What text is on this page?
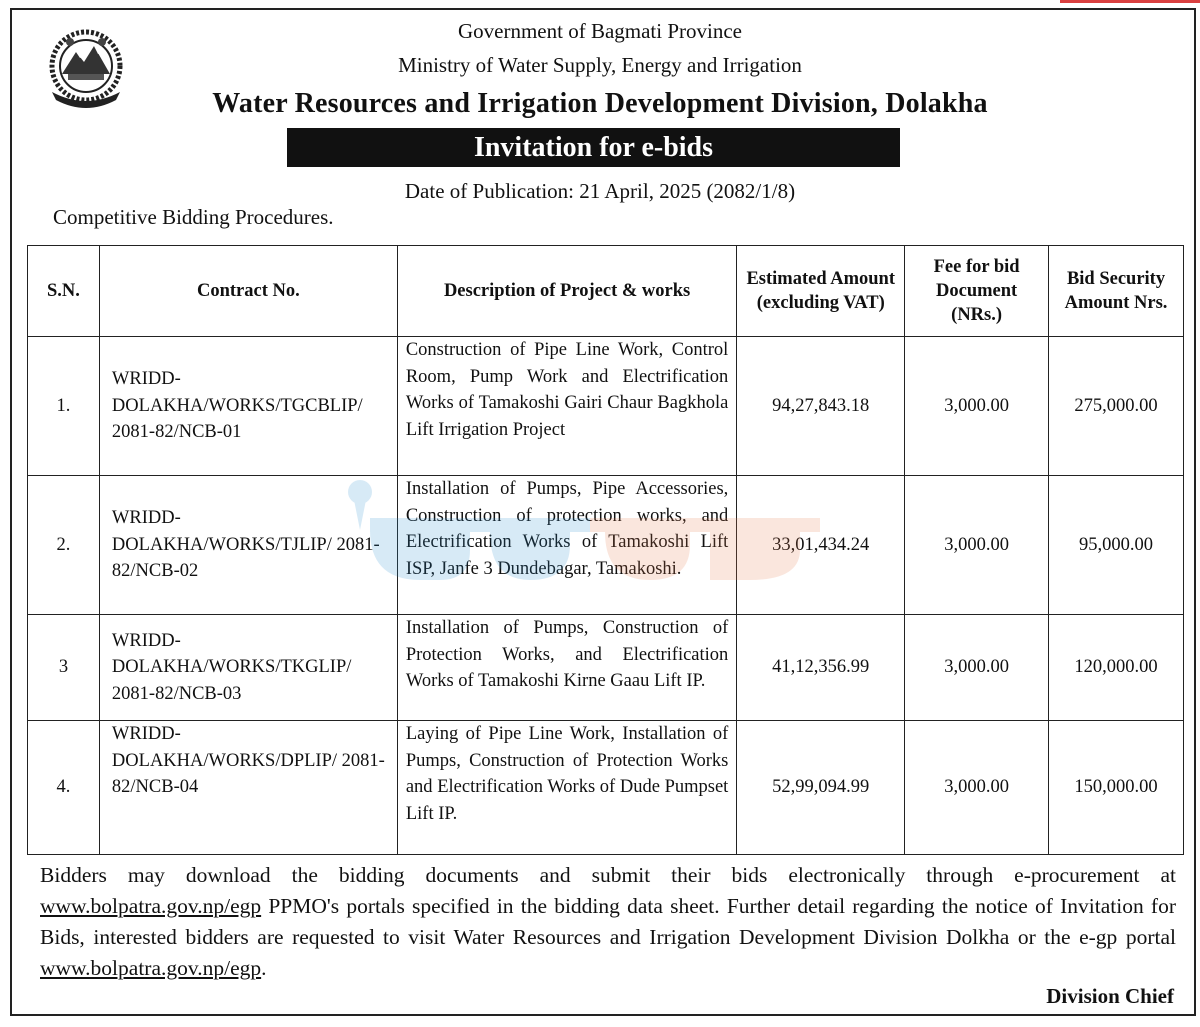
Government of Bagmati Province
Ministry of Water Supply, Energy and Irrigation
Water Resources and Irrigation Development Division, Dolakha
Invitation for e-bids
Date of Publication: 21 April, 2025 (2082/1/8)
Competitive Bidding Procedures.
S.N.	Contract No.	Description of Project & works	Estimated Amount (excluding VAT)	Fee for bid Document (NRs.)	Bid Security Amount Nrs.
1.	WRIDD-DOLAKHA/WORKS/TGCBLIP/ 2081-82/NCB-01	Construction of Pipe Line Work, Control Room, Pump Work and Electrification Works of Tamakoshi Gairi Chaur Bagkhola Lift Irrigation Project	94,27,843.18	3,000.00	275,000.00
2.	WRIDD-DOLAKHA/WORKS/TJLIP/ 2081-82/NCB-02	Installation of Pumps, Pipe Accessories, Construction of protection works, and Electrification Works of Tamakoshi Lift ISP, Janfe 3 Dundebagar, Tamakoshi.	33,01,434.24	3,000.00	95,000.00
3	WRIDD-DOLAKHA/WORKS/TKGLIP/ 2081-82/NCB-03	Installation of Pumps, Construction of Protection Works, and Electrification Works of Tamakoshi Kirne Gaau Lift IP.	41,12,356.99	3,000.00	120,000.00
4.	WRIDD-DOLAKHA/WORKS/DPLIP/ 2081-82/NCB-04	Laying of Pipe Line Work, Installation of Pumps, Construction of Protection Works and Electrification Works of Dude Pumpset Lift IP.	52,99,094.99	3,000.00	150,000.00
Bidders may download the bidding documents and submit their bids electronically through e-procurement at www.bolpatra.gov.np/egp PPMO's portals specified in the bidding data sheet. Further detail regarding the notice of Invitation for Bids, interested bidders are requested to visit Water Resources and Irrigation Development Division Dolkha or the e-gp portal www.bolpatra.gov.np/egp.
Division Chief
